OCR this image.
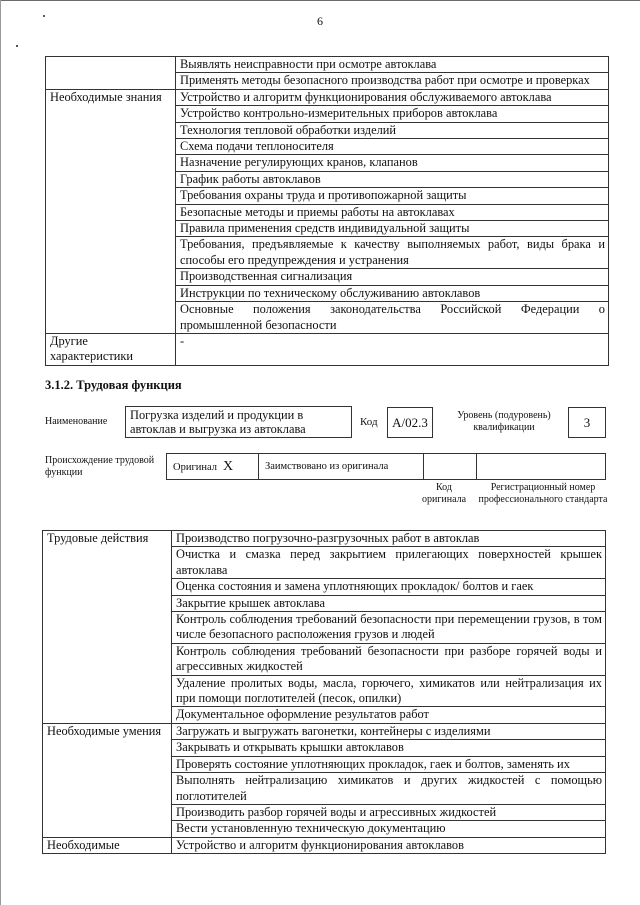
6
	Выявлять неисправности при осмотре автоклава
	Применять методы безопасного производства работ при осмотре и проверках
Необходимые знания	Устройство и алгоритм функционирования обслуживаемого автоклава
	Устройство контрольно-измерительных приборов автоклава
	Технология тепловой обработки изделий
	Схема подачи теплоносителя
	Назначение регулирующих кранов, клапанов
	График работы автоклавов
	Требования охраны труда и противопожарной защиты
	Безопасные методы и приемы работы на автоклавах
	Правила применения средств индивидуальной защиты
	Требования, предъявляемые к качеству выполняемых работ, виды брака и способы его предупреждения и устранения
	Производственная сигнализация
	Инструкции по техническому обслуживанию автоклавов
	Основные положения законодательства Российской Федерации о промышленной безопасности
Другие характеристики	-
3.1.2. Трудовая функция
Наименование	Погрузка изделий и продукции в автоклав и выгрузка из автоклава	Код	A/02.3	Уровень (подуровень) квалификации	3
Происхождение трудовой функции	Оригинал X	Заимствовано из оригинала
Код оригинала
Регистрационный номер профессионального стандарта
Трудовые действия	Производство погрузочно-разгрузочных работ в автоклав
	Очистка и смазка перед закрытием прилегающих поверхностей крышек автоклава
	Оценка состояния и замена уплотняющих прокладок/ болтов и гаек
	Закрытие крышек автоклава
	Контроль соблюдения требований безопасности при перемещении грузов, в том числе безопасного расположения грузов и людей
	Контроль соблюдения требований безопасности при разборе горячей воды и агрессивных жидкостей
	Удаление пролитых воды, масла, горючего, химикатов или нейтрализация их при помощи поглотителей (песок, опилки)
	Документальное оформление результатов работ
Необходимые умения	Загружать и выгружать вагонетки, контейнеры с изделиями
	Закрывать и открывать крышки автоклавов
	Проверять состояние уплотняющих прокладок, гаек и болтов, заменять их
	Выполнять нейтрализацию химикатов и других жидкостей с помощью поглотителей
	Производить разбор горячей воды и агрессивных жидкостей
	Вести установленную техническую документацию
Необходимые	Устройство и алгоритм функционирования автоклавов
